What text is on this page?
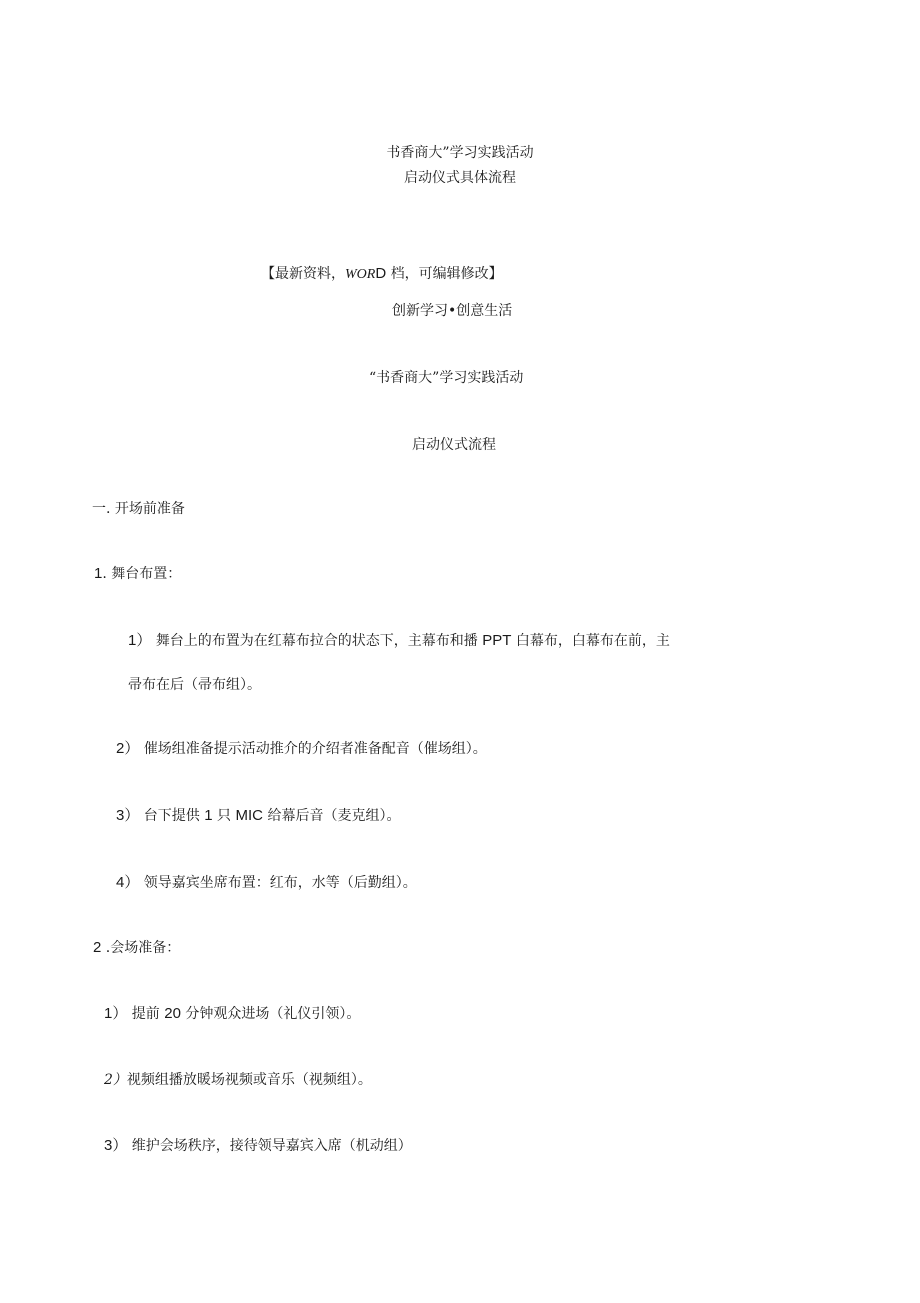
书香商大”学习实践活动
启动仪式具体流程
【最新资料，WORD 档，可编辑修改】
创新学习•创意生活
“书香商大”学习实践活动
启动仪式流程
一. 开场前准备
1. 舞台布置：
1） 舞台上的布置为在红幕布拉合的状态下，主幕布和播 PPT 白幕布，白幕布在前，主
帚布在后（帚布组）。
2） 催场组准备提示活动推介的介绍者准备配音（催场组）。
3） 台下提供 1 只 MIC 给幕后音（麦克组）。
4） 领导嘉宾坐席布置：红布，水等（后勤组）。
2 .会场准备：
1） 提前 20 分钟观众进场（礼仪引领）。
2）视频组播放暖场视频或音乐（视频组）。
3） 维护会场秩序，接待领导嘉宾入席（机动组）
